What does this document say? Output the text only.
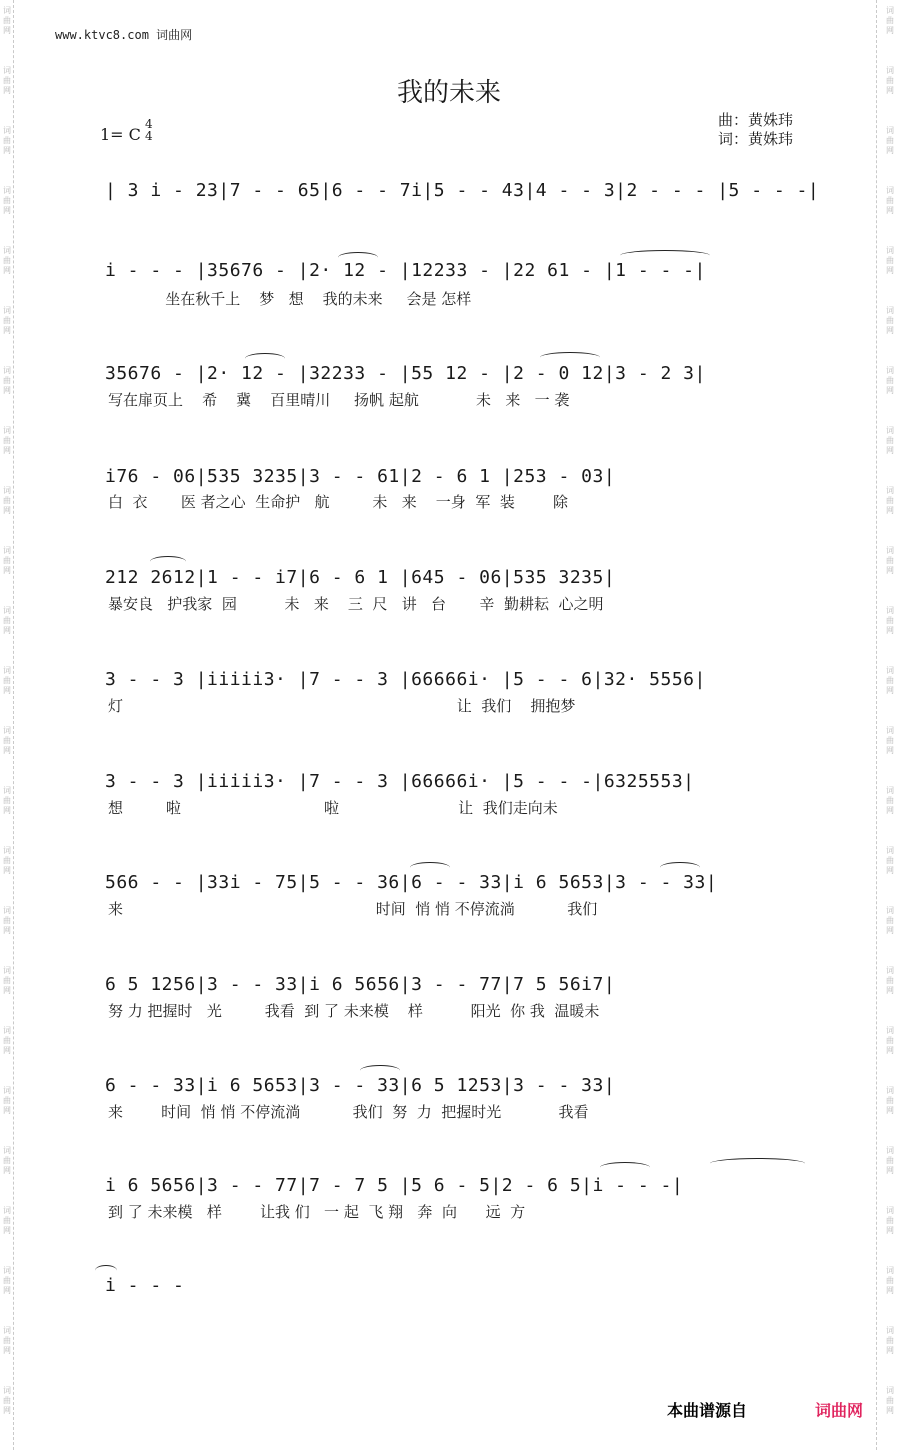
词
曲
网
词
曲
网
词
曲
网
词
曲
网
词
曲
网
词
曲
网
词
曲
网
词
曲
网
词
曲
网
词
曲
网
词
曲
网
词
曲
网
词
曲
网
词
曲
网
词
曲
网
词
曲
网
词
曲
网
词
曲
网
词
曲
网
词
曲
网
词
曲
网
词
曲
网
词
曲
网
词
曲
网
词
曲
网
词
曲
网
词
曲
网
词
曲
网
词
曲
网
词
曲
网
词
曲
网
词
曲
网
词
曲
网
词
曲
网
词
曲
网
词
曲
网
词
曲
网
词
曲
网
词
曲
网
词
曲
网
词
曲
网
词
曲
网
词
曲
网
词
曲
网
词
曲
网
词
曲
网
词
曲
网
词
曲
网
www.ktvc8.com 词曲网
我的未来
1= C
4
4
曲：黄姝玮
词：黄姝玮
| 3 i - 23|7 - - 65|6 - - 7i|5 - - 43|4 - - 3|2 - - - |5 - - -|
i - - - |35676 - |2· 12 - |12233 - |22 61 - |1 - - -|
坐在秋千上    梦   想    我的未来     会是 怎样
35676 - |2· 12 - |32233 - |55 12 - |2 - 0 12|3 - 2 3|
写在扉页上    希    冀    百里晴川     扬帆 起航            未   来   一 袭
i76 - 06|535 3235|3 - - 61|2 - 6 1 |253 - 03|
白  衣       医 者之心  生命护   航         未   来    一身  军  装        除
212 2612|1 - - i7|6 - 6 1 |645 - 06|535 3235|
暴安良   护我家  园          未   来    三  尺   讲   台       辛  勤耕耘  心之明
3 - - 3 |iiiii3· |7 - - 3 |66666i· |5 - - 6|32· 5556|
灯                                                                      让  我们    拥抱梦
3 - - 3 |iiiii3· |7 - - 3 |66666i· |5 - - -|6325553|
想         啦                              啦                         让  我们走向未
566 - - |33i - 75|5 - - 36|6 - - 33|i 6 5653|3 - - 33|
来                                                     时间  悄 悄 不停流淌           我们
6 5 1256|3 - - 33|i 6 5656|3 - - 77|7 5 56i7|
努 力 把握时   光         我看  到 了 未来模    样          阳光  你 我  温暖未
6 - - 33|i 6 5653|3 - - 33|6 5 1253|3 - - 33|
来        时间  悄 悄 不停流淌           我们  努  力  把握时光            我看
i 6 5656|3 - - 77|7 - 7 5 |5 6 - 5|2 - 6 5|i - - -|
到 了 未来模   样        让我 们   一 起  飞 翔   奔  向      远  方
i - - -
本曲谱源自	词曲网
